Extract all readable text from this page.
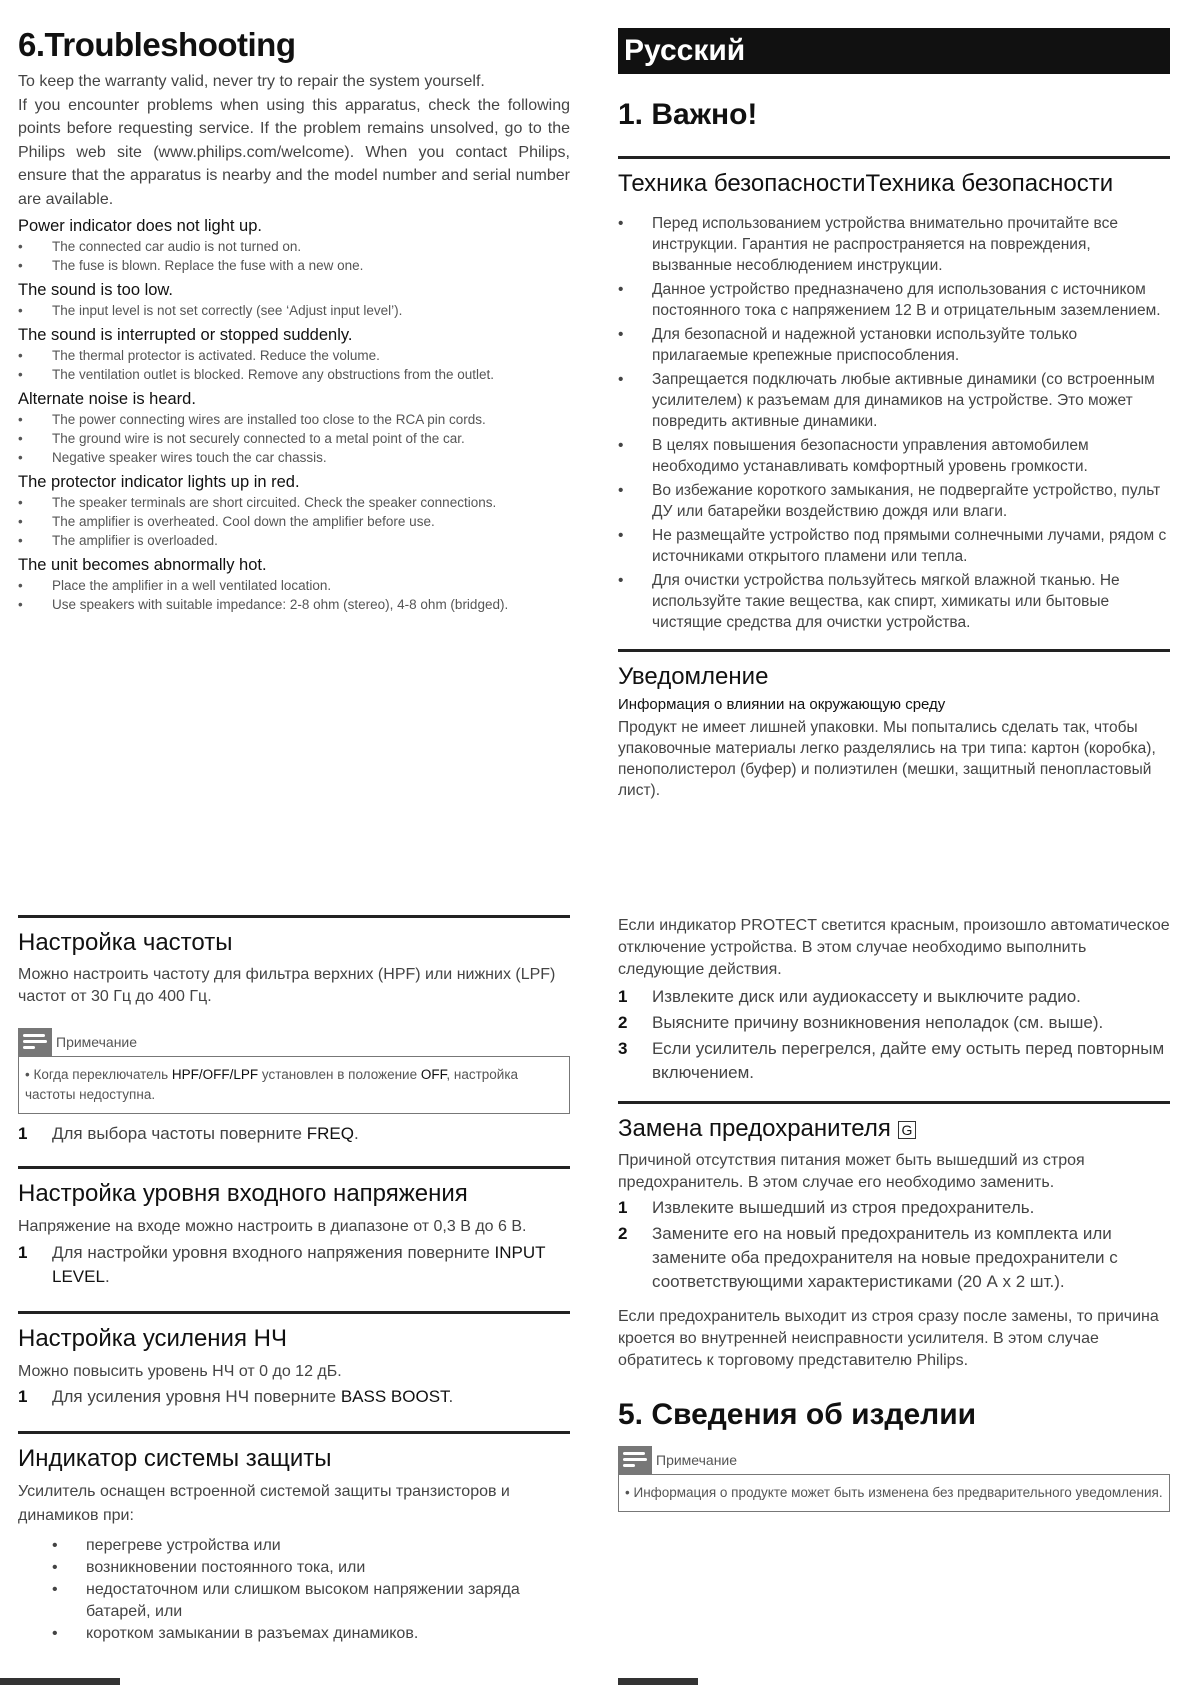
6.Troubleshooting

To keep the warranty valid, never try to repair the system yourself.

If you encounter problems when using this apparatus, check the following points before requesting service. If the problem remains unsolved, go to the Philips web site (www.philips.com/welcome). When you contact Philips, ensure that the apparatus is nearby and the model number and serial number are available.

Power indicator does not light up.
• The connected car audio is not turned on.
• The fuse is blown. Replace the fuse with a new one.
The sound is too low.
• The input level is not set correctly (see ‘Adjust input level’).
The sound is interrupted or stopped suddenly.
• The thermal protector is activated. Reduce the volume.
• The ventilation outlet is blocked. Remove any obstructions from the outlet.
Alternate noise is heard.
• The power connecting wires are installed too close to the RCA pin cords.
• The ground wire is not securely connected to a metal point of the car.
• Negative speaker wires touch the car chassis.
The protector indicator lights up in red.
• The speaker terminals are short circuited. Check the speaker connections.
• The amplifier is overheated. Cool down the amplifier before use.
• The amplifier is overloaded.
The unit becomes abnormally hot.
• Place the amplifier in a well ventilated location.
• Use speakers with suitable impedance: 2-8 ohm (stereo), 4-8 ohm (bridged).
Русский
1. Важно!
Техника безопасностиТехника безопасности
• Перед использованием устройства внимательно прочитайте все инструкции. Гарантия не распространяется на повреждения, вызванные несоблюдением инструкции.
• Данное устройство предназначено для использования с источником постоянного тока с напряжением 12 В и отрицательным заземлением.
• Для безопасной и надежной установки используйте только прилагаемые крепежные приспособления.
• Запрещается подключать любые активные динамики (со встроенным усилителем) к разъемам для динамиков на устройстве. Это может повредить активные динамики.
• В целях повышения безопасности управления автомобилем необходимо устанавливать комфортный уровень громкости.
• Во избежание короткого замыкания, не подвергайте устройство, пульт ДУ или батарейки воздействию дождя или влаги.
• Не размещайте устройство под прямыми солнечными лучами, рядом с источниками открытого пламени или тепла.
• Для очистки устройства пользуйтесь мягкой влажной тканью. Не используйте такие вещества, как спирт, химикаты или бытовые чистящие средства для очистки устройства.
Уведомление
Информация о влиянии на окружающую среду

Продукт не имеет лишней упаковки. Мы попытались сделать так, чтобы упаковочные материалы легко разделялись на три типа: картон (коробка), пенополистерол (буфер) и полиэтилен (мешки, защитный пенопластовый лист).

Настройка частоты

Можно настроить частоту для фильтра верхних (HPF) или нижних (LPF) частот от 30 Гц до 400 Гц.

Примечание
• Когда переключатель HPF/OFF/LPF установлен в положение OFF, настройка частоты недоступна.
1	Для выбора частоты поверните FREQ.
Настройка уровня входного напряжения

Напряжение на входе можно настроить в диапазоне от 0,3 В до 6 В.

1	Для настройки уровня входного напряжения поверните INPUT LEVEL.
Настройка усиления НЧ

Можно повысить уровень НЧ от 0 до 12 дБ.

1	Для усиления уровня НЧ поверните BASS BOOST.
Индикатор системы защиты

Усилитель оснащен встроенной системой защиты транзисторов и динамиков при:

• перегреве устройства или
• возникновении постоянного тока, или
• недостаточном или слишком высоком напряжении заряда батарей, или
• коротком замыкании в разъемах динамиков.

Если индикатор PROTECT светится красным, произошло автоматическое отключение устройства. В этом случае необходимо выполнить следующие действия.

1	Извлеките диск или аудиокассету и выключите радио.
2	Выясните причину возникновения неполадок (см. выше).
3	Если усилитель перегрелся, дайте ему остыть перед повторным включением.
Замена предохранителя G

Причиной отсутствия питания может быть вышедший из строя предохранитель. В этом случае его необходимо заменить.

1	Извлеките вышедший из строя предохранитель.
2	Замените его на новый предохранитель из комплекта или замените оба предохранителя на новые предохранители с соответствующими характеристиками (20 А x 2 шт.).

Если предохранитель выходит из строя сразу после замены, то причина кроется во внутренней неисправности усилителя. В этом случае обратитесь к торговому представителю Philips.

5. Сведения об изделии
Примечание
• Информация о продукте может быть изменена без предварительного уведомления.
